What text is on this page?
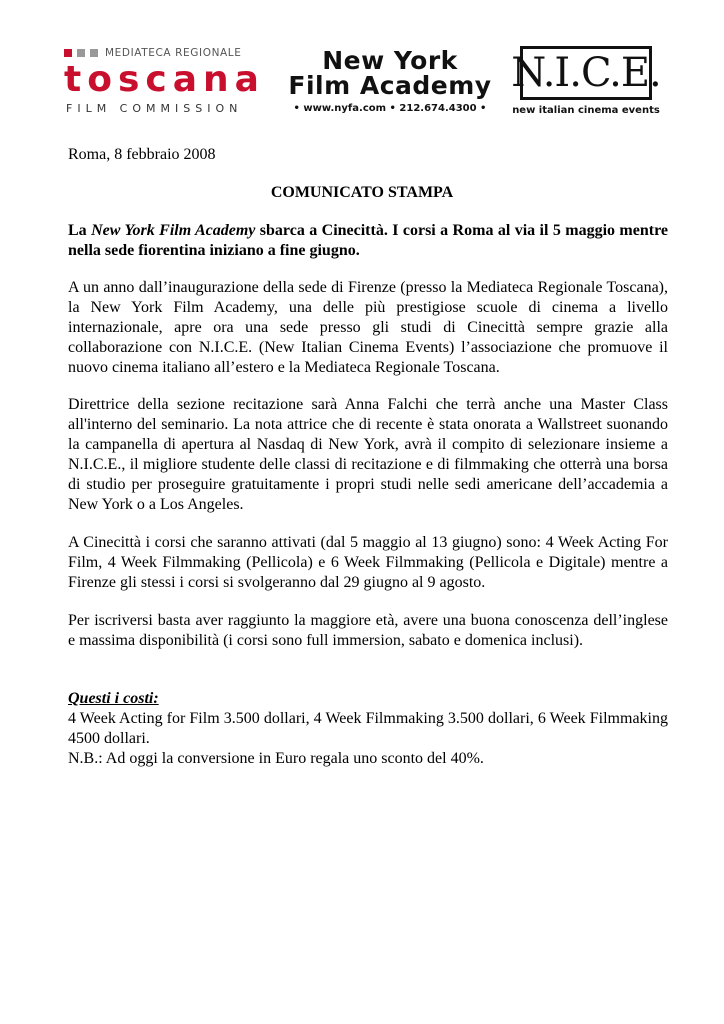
MEDIATECA REGIONALE
toscana
FILM COMMISSION
New York
Film Academy
• www.nyfa.com • 212.674.4300 •
N.I.C.E.
new italian cinema events
Roma, 8 febbraio 2008
COMUNICATO STAMPA
La New York Film Academy sbarca a Cinecittà. I corsi a Roma al via il 5 maggio mentre nella sede fiorentina iniziano a fine giugno.
A un anno dall’inaugurazione della sede di Firenze (presso la Mediateca Regionale Toscana), la New York Film Academy, una delle più prestigiose scuole di cinema a livello internazionale, apre ora una sede presso gli studi di Cinecittà sempre grazie alla collaborazione con N.I.C.E. (New Italian Cinema Events) l’associazione che promuove il nuovo cinema italiano all’estero e la Mediateca Regionale Toscana.
Direttrice della sezione recitazione sarà Anna Falchi che terrà anche una Master Class all'interno del seminario. La nota attrice che di recente è stata onorata a Wallstreet suonando la campanella di apertura al Nasdaq di New York, avrà il compito di selezionare insieme a N.I.C.E., il migliore studente delle classi di recitazione e di filmmaking che otterrà una borsa di studio per proseguire gratuitamente i propri studi nelle sedi americane dell’accademia a New York o a Los Angeles.
A Cinecittà i corsi che saranno attivati (dal 5 maggio al 13 giugno) sono: 4 Week Acting For Film, 4 Week Filmmaking (Pellicola) e 6 Week Filmmaking (Pellicola e Digitale) mentre a Firenze gli stessi i corsi si svolgeranno dal 29 giugno al 9 agosto.
Per iscriversi basta aver raggiunto la maggiore età, avere una buona conoscenza dell’inglese e massima disponibilità (i corsi sono full immersion, sabato e domenica inclusi).
Questi i costi:
4 Week Acting for Film 3.500 dollari, 4 Week Filmmaking 3.500 dollari, 6 Week Filmmaking 4500 dollari.
N.B.: Ad oggi la conversione in Euro regala uno sconto del 40%.
